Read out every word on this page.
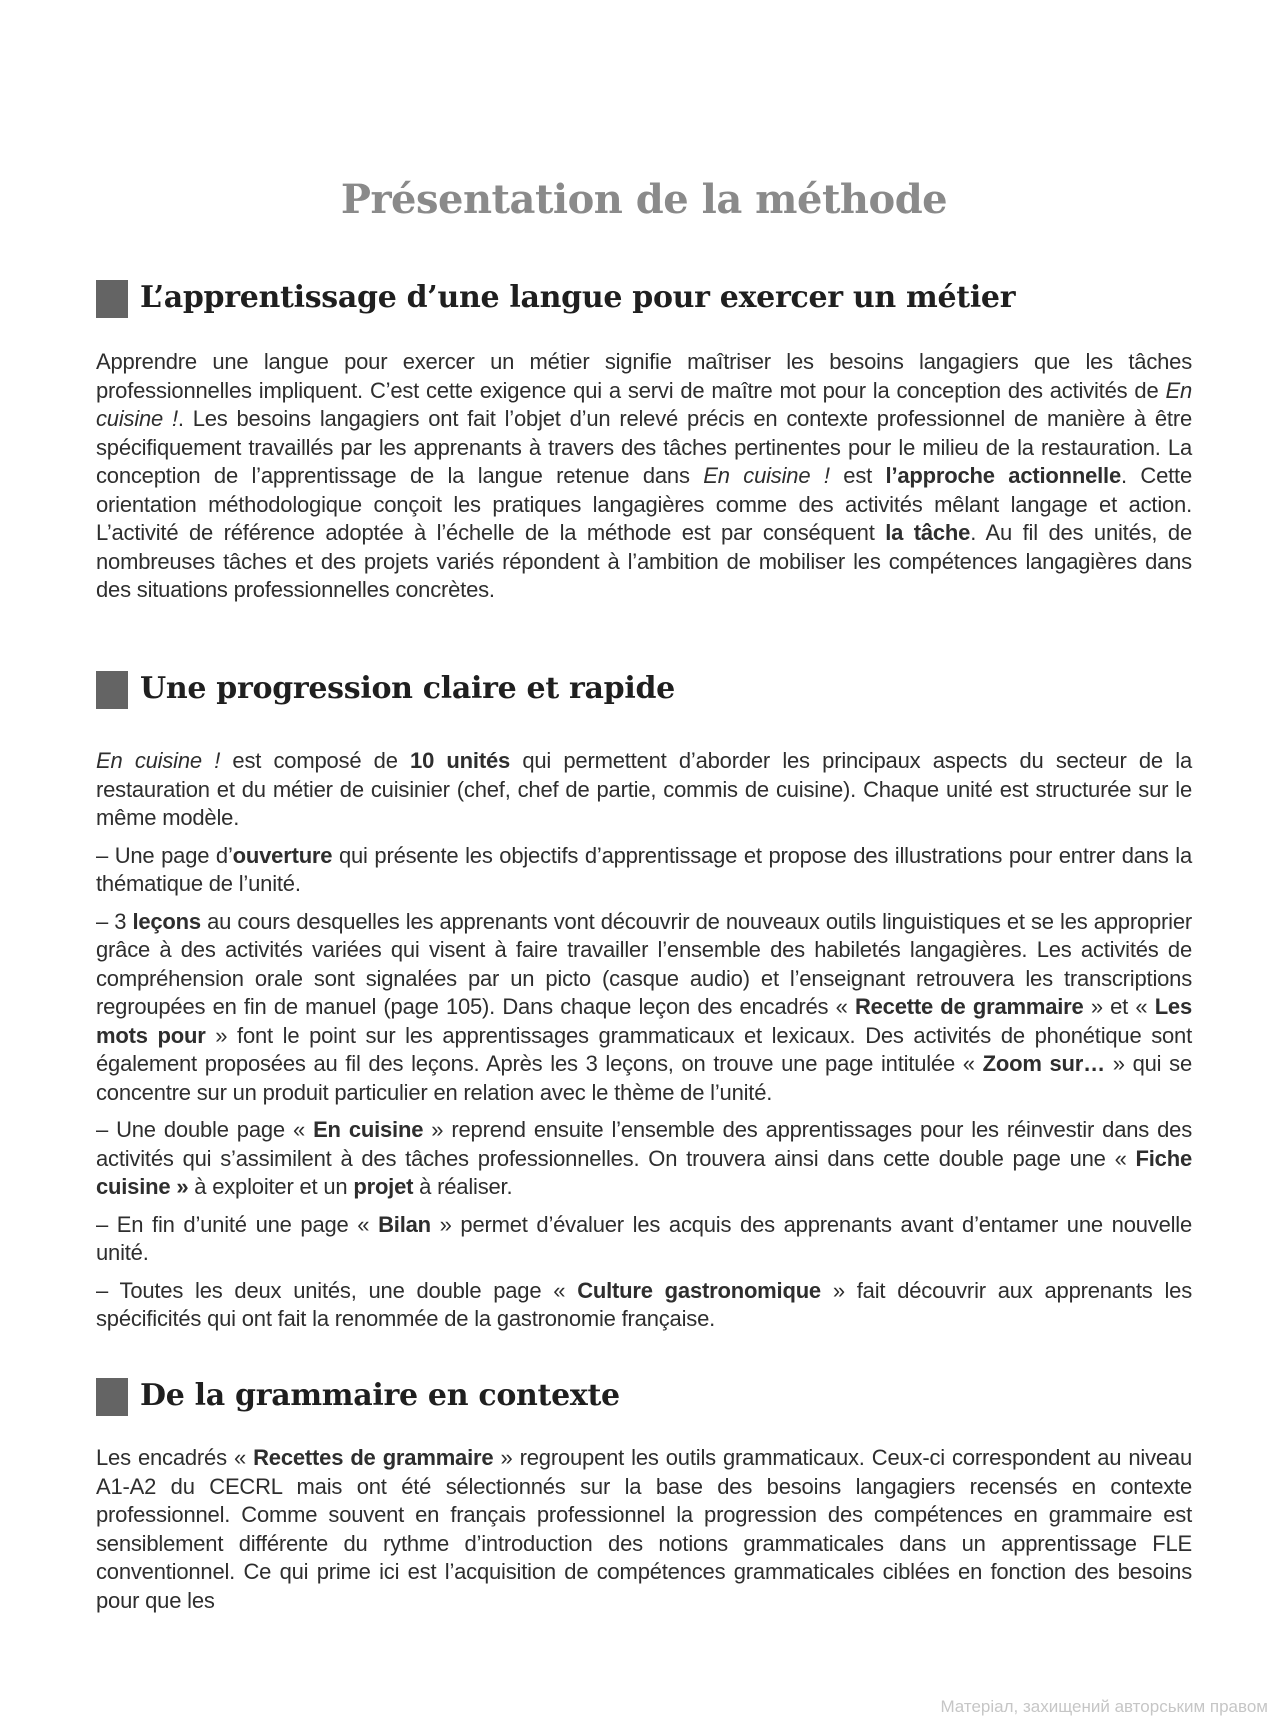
Présentation de la méthode
L’apprentissage d’une langue pour exercer un métier

Apprendre une langue pour exercer un métier signifie maîtriser les besoins langagiers que les tâches professionnelles impliquent. C’est cette exigence qui a servi de maître mot pour la conception des activités de En cuisine !. Les besoins langagiers ont fait l’objet d’un relevé précis en contexte professionnel de manière à être spécifiquement travaillés par les apprenants à travers des tâches pertinentes pour le milieu de la restauration. La conception de l’apprentissage de la langue retenue dans En cuisine ! est l’approche actionnelle. Cette orientation méthodologique conçoit les pratiques langagières comme des activités mêlant langage et action. L’activité de référence adoptée à l’échelle de la méthode est par conséquent la tâche. Au fil des unités, de nombreuses tâches et des projets variés répondent à l’ambition de mobiliser les compétences langagières dans des situations professionnelles concrètes.

Une progression claire et rapide

En cuisine ! est composé de 10 unités qui permettent d’aborder les principaux aspects du secteur de la restauration et du métier de cuisinier (chef, chef de partie, commis de cuisine). Chaque unité est structurée sur le même modèle.

– Une page d’ouverture qui présente les objectifs d’apprentissage et propose des illustrations pour entrer dans la thématique de l’unité.

– 3 leçons au cours desquelles les apprenants vont découvrir de nouveaux outils linguistiques et se les approprier grâce à des activités variées qui visent à faire travailler l’ensemble des habiletés langagières. Les activités de compréhension orale sont signalées par un picto (casque audio) et l’enseignant retrouvera les transcriptions regroupées en fin de manuel (page 105). Dans chaque leçon des encadrés « Recette de grammaire » et « Les mots pour » font le point sur les apprentissages grammaticaux et lexicaux. Des activités de phonétique sont également proposées au fil des leçons. Après les 3 leçons, on trouve une page intitulée « Zoom sur… » qui se concentre sur un produit particulier en relation avec le thème de l’unité.

– Une double page « En cuisine » reprend ensuite l’ensemble des apprentissages pour les réinvestir dans des activités qui s’assimilent à des tâches professionnelles. On trouvera ainsi dans cette double page une « Fiche cuisine » à exploiter et un projet à réaliser.

– En fin d’unité une page « Bilan » permet d’évaluer les acquis des apprenants avant d’entamer une nouvelle unité.

– Toutes les deux unités, une double page « Culture gastronomique » fait découvrir aux apprenants les spécificités qui ont fait la renommée de la gastronomie française.

De la grammaire en contexte

Les encadrés « Recettes de grammaire » regroupent les outils grammaticaux. Ceux-ci correspondent au niveau A1-A2 du CECRL mais ont été sélectionnés sur la base des besoins langagiers recensés en contexte professionnel. Comme souvent en français professionnel la progression des compétences en grammaire est sensiblement différente du rythme d’introduction des notions grammaticales dans un apprentissage FLE conventionnel. Ce qui prime ici est l’acquisition de compétences grammaticales ciblées en fonction des besoins pour que les

Матеріал, захищений авторським правом
